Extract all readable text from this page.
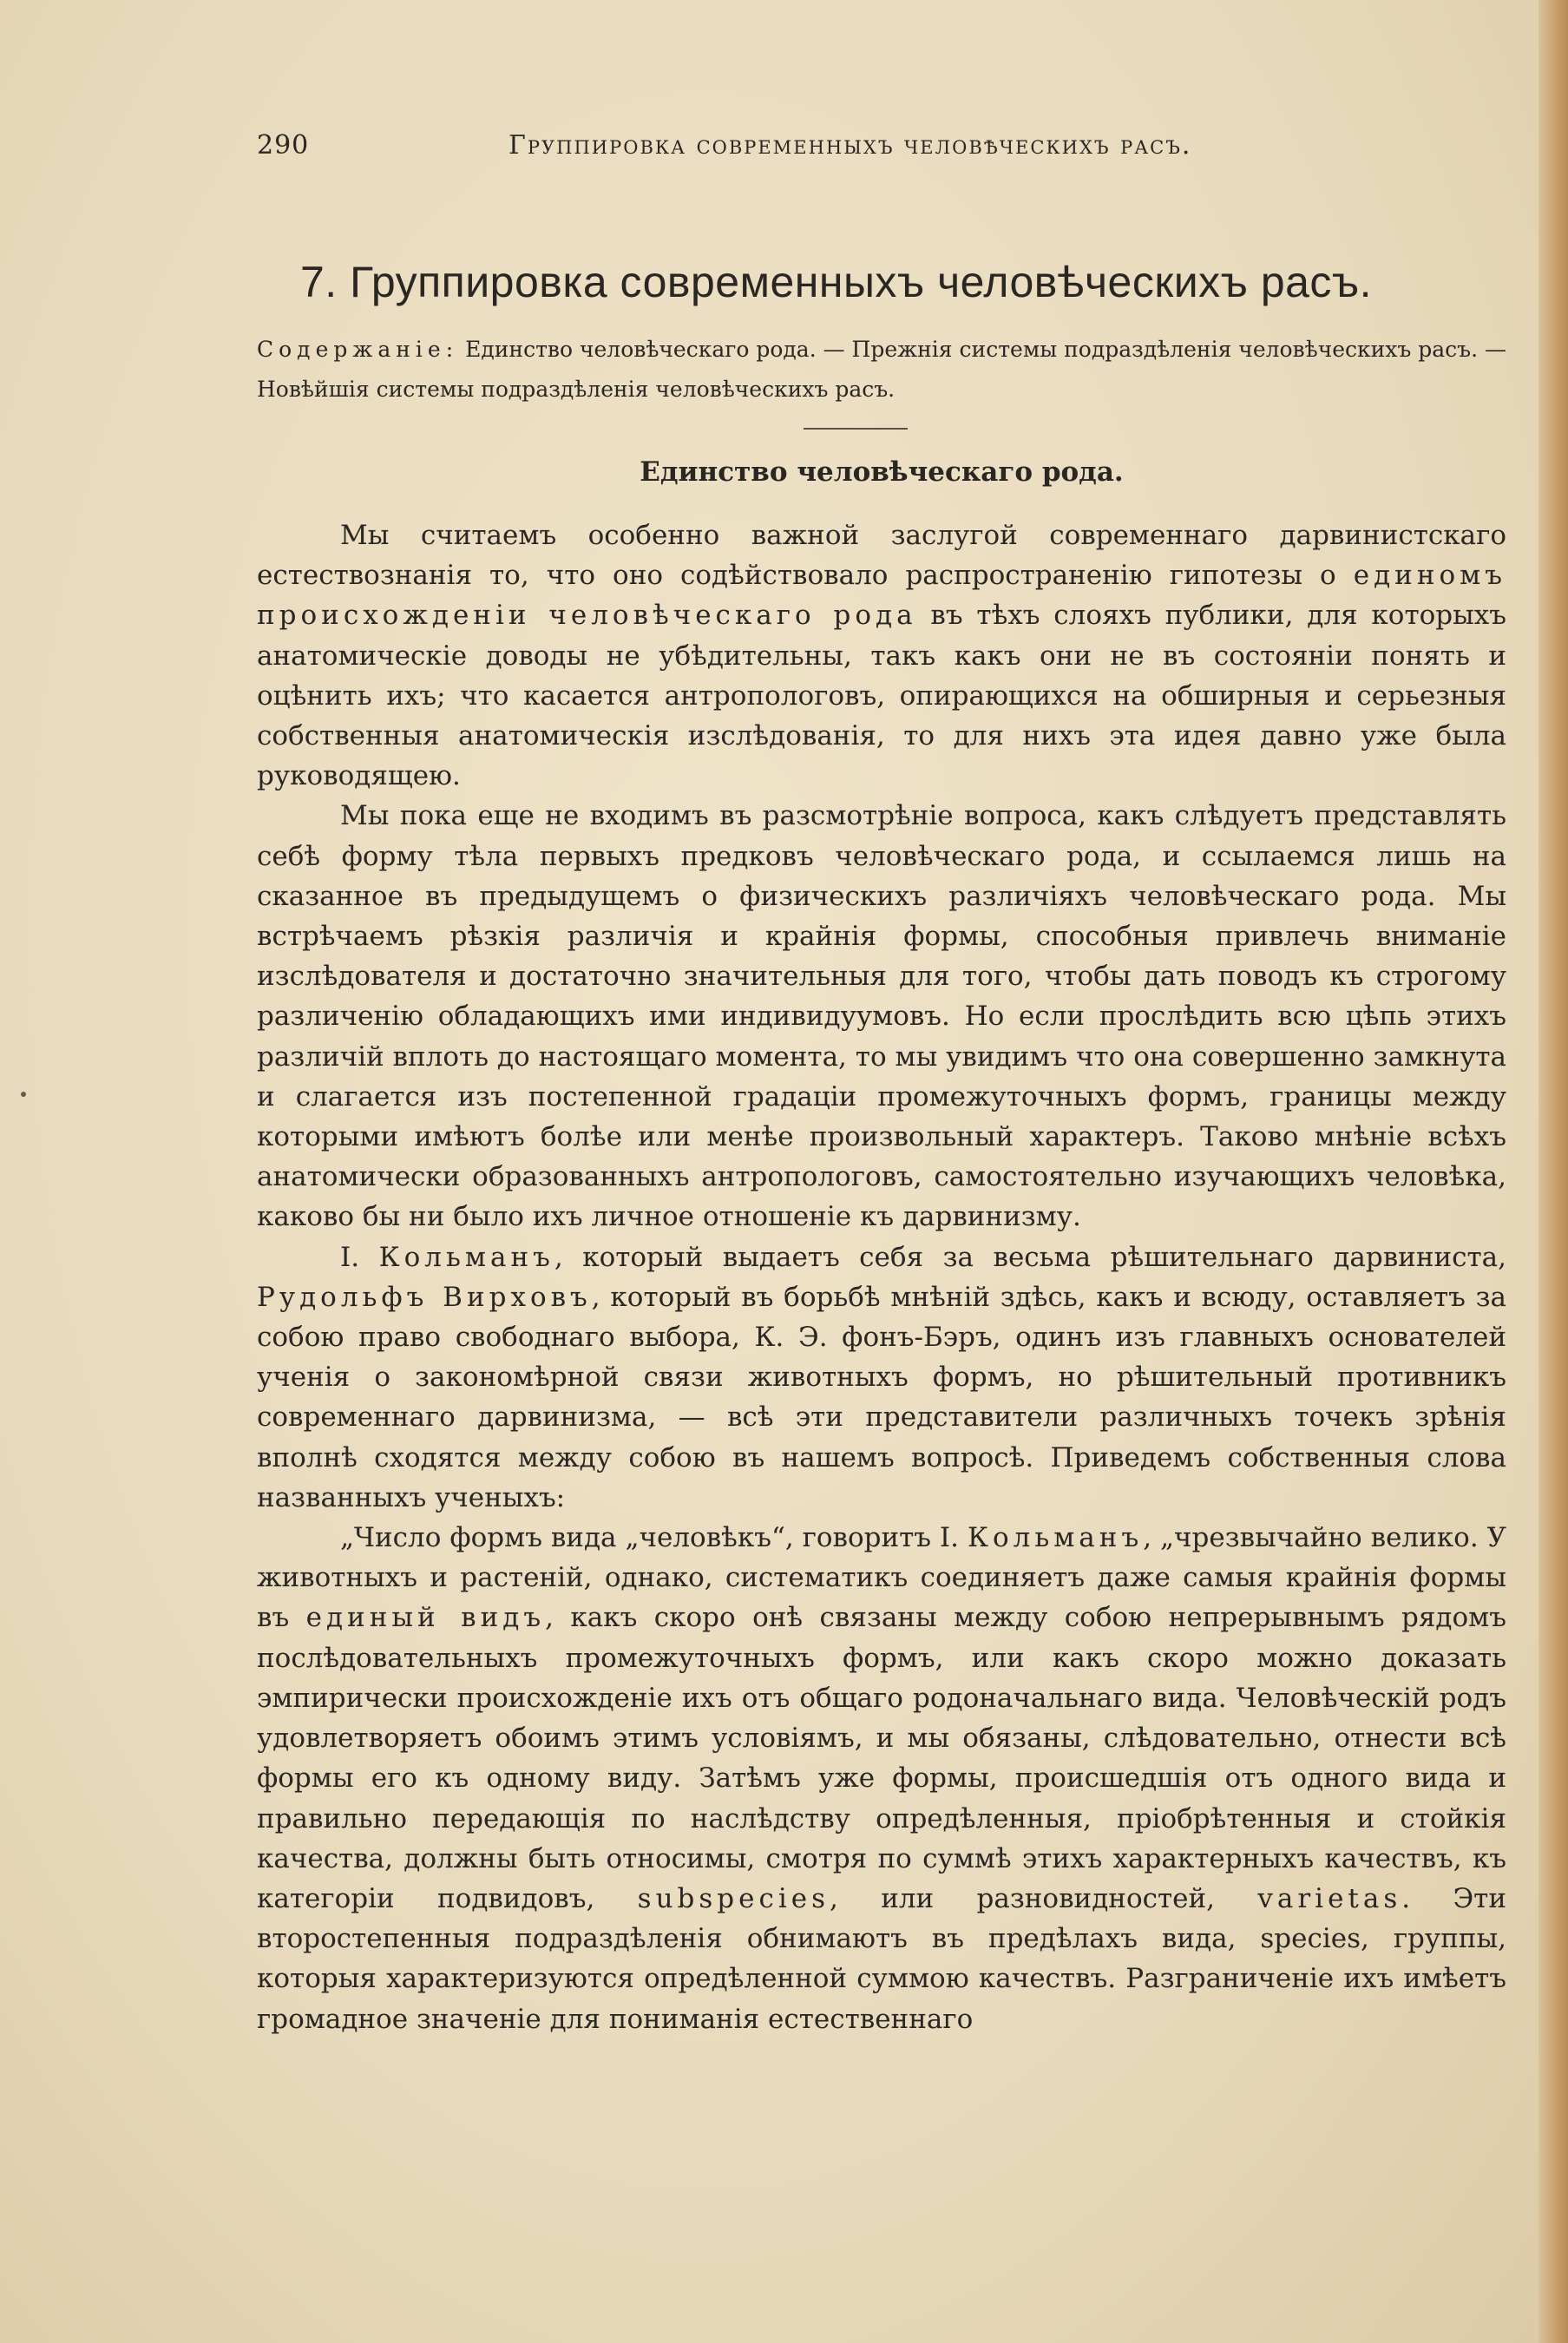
290	Группировка современныхъ человѣческихъ расъ.
7. Группировка современныхъ человѣческихъ расъ.
Содержанiе: Единство человѣческаго рода. — Прежнiя системы подраздѣленiя человѣческихъ расъ. — Новѣйшiя системы подраздѣленiя человѣческихъ расъ.
Единство человѣческаго рода.

Мы считаемъ особенно важной заслугой современнаго дарвинистскаго естествознанiя то, что оно содѣйствовало распространенiю гипотезы о единомъ происхожденiи человѣческаго рода въ тѣхъ слояхъ публики, для которыхъ анатомическiе доводы не убѣдительны, такъ какъ они не въ состоянiи понять и оцѣнить ихъ; что касается антропологовъ, опирающихся на обширныя и серьезныя собственныя анатомическiя изслѣдованiя, то для нихъ эта идея давно уже была руководящею.

Мы пока еще не входимъ въ разсмотрѣнiе вопроса, какъ слѣдуетъ представлять себѣ форму тѣла первыхъ предковъ человѣческаго рода, и ссылаемся лишь на сказанное въ предыдущемъ о физическихъ различiяхъ человѣческаго рода. Мы встрѣчаемъ рѣзкiя различiя и крайнiя формы, способныя привлечь вниманiе изслѣдователя и достаточно значительныя для того, чтобы дать поводъ къ строгому различенiю обладающихъ ими индивидуумовъ. Но если прослѣдить всю цѣпь этихъ различiй вплоть до настоящаго момента, то мы увидимъ что она совершенно замкнута и слагается изъ постепенной градацiи промежуточныхъ формъ, границы между которыми имѣютъ болѣе или менѣе произвольный характеръ. Таково мнѣнiе всѣхъ анатомически образованныхъ антропологовъ, самостоятельно изучающихъ человѣка, каково бы ни было ихъ личное отношенiе къ дарвинизму.

I. Кольманъ, который выдаетъ себя за весьма рѣшительнаго дарвиниста, Рудольфъ Вирховъ, который въ борьбѣ мнѣнiй здѣсь, какъ и всюду, оставляетъ за собою право свободнаго выбора, К. Э. фонъ-Бэръ, одинъ изъ главныхъ основателей ученiя о закономѣрной связи животныхъ формъ, но рѣшительный противникъ современнаго дарвинизма, — всѣ эти представители различныхъ точекъ зрѣнiя вполнѣ сходятся между собою въ нашемъ вопросѣ. Приведемъ собственныя слова названныхъ ученыхъ:

„Число формъ вида „человѣкъ“, говоритъ I. Кольманъ, „чрезвычайно велико. У животныхъ и растенiй, однако, систематикъ соединяетъ даже самыя крайнiя формы въ единый видъ, какъ скоро онѣ связаны между собою непрерывнымъ рядомъ послѣдовательныхъ промежуточныхъ формъ, или какъ скоро можно доказать эмпирически происхожденiе ихъ отъ общаго родоначальнаго вида. Человѣческiй родъ удовлетворяетъ обоимъ этимъ условiямъ, и мы обязаны, слѣдовательно, отнести всѣ формы его къ одному виду. Затѣмъ уже формы, происшедшiя отъ одного вида и правильно передающiя по наслѣдству опредѣленныя, прiобрѣтенныя и стойкiя качества, должны быть относимы, смотря по суммѣ этихъ характерныхъ качествъ, къ категорiи подвидовъ, subspecies, или разновидностей, varietas. Эти второстепенныя подраздѣленiя обнимаютъ въ предѣлахъ вида, species, группы, которыя характеризуются опредѣленной суммою качествъ. Разграниченiе ихъ имѣетъ громадное значенiе для пониманiя естественнаго
